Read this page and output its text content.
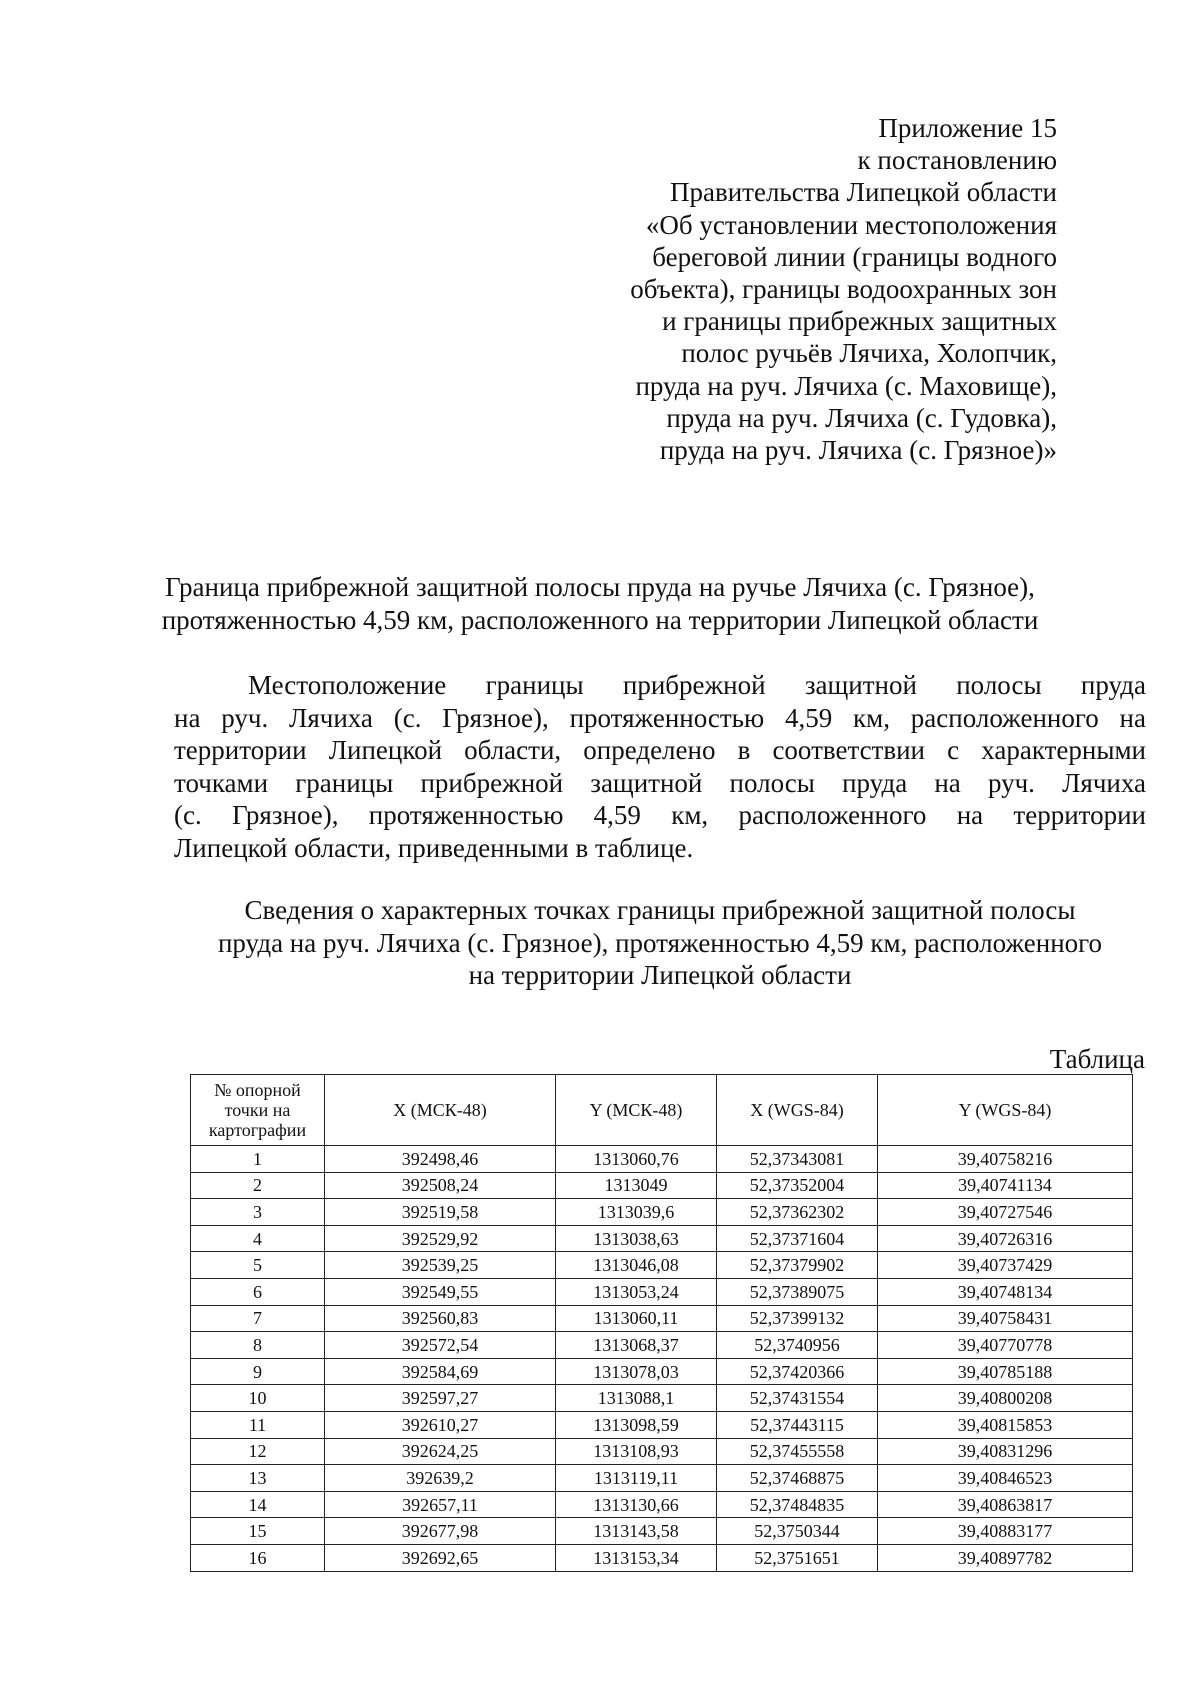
Приложение 15
к постановлению
Правительства Липецкой области
«Об установлении местоположения
береговой линии (границы водного
объекта), границы водоохранных зон
и границы прибрежных защитных
полос ручьёв Лячиха, Холопчик,
пруда на руч. Лячиха (с. Маховище),
пруда на руч. Лячиха (с. Гудовка),
пруда на руч. Лячиха (с. Грязное)»
Граница прибрежной защитной полосы пруда на ручье Лячиха (с. Грязное),
протяженностью 4,59 км, расположенного на территории Липецкой области
Местоположение границы прибрежной защитной полосы пруда
на руч. Лячиха (с. Грязное), протяженностью 4,59 км, расположенного на
территории Липецкой области, определено в соответствии с характерными
точками границы прибрежной защитной полосы пруда на руч. Лячиха
(с. Грязное), протяженностью 4,59 км, расположенного на территории
Липецкой области, приведенными в таблице.
Сведения о характерных точках границы прибрежной защитной полосы
пруда на руч. Лячиха (с. Грязное), протяженностью 4,59 км, расположенного
на территории Липецкой области
Таблица
№ опорной
точки на
картографии	X (МСК-48)	Y (МСК-48)	X (WGS-84)	Y (WGS-84)
1	392498,46	1313060,76	52,37343081	39,40758216
2	392508,24	1313049	52,37352004	39,40741134
3	392519,58	1313039,6	52,37362302	39,40727546
4	392529,92	1313038,63	52,37371604	39,40726316
5	392539,25	1313046,08	52,37379902	39,40737429
6	392549,55	1313053,24	52,37389075	39,40748134
7	392560,83	1313060,11	52,37399132	39,40758431
8	392572,54	1313068,37	52,3740956	39,40770778
9	392584,69	1313078,03	52,37420366	39,40785188
10	392597,27	1313088,1	52,37431554	39,40800208
11	392610,27	1313098,59	52,37443115	39,40815853
12	392624,25	1313108,93	52,37455558	39,40831296
13	392639,2	1313119,11	52,37468875	39,40846523
14	392657,11	1313130,66	52,37484835	39,40863817
15	392677,98	1313143,58	52,3750344	39,40883177
16	392692,65	1313153,34	52,3751651	39,40897782
